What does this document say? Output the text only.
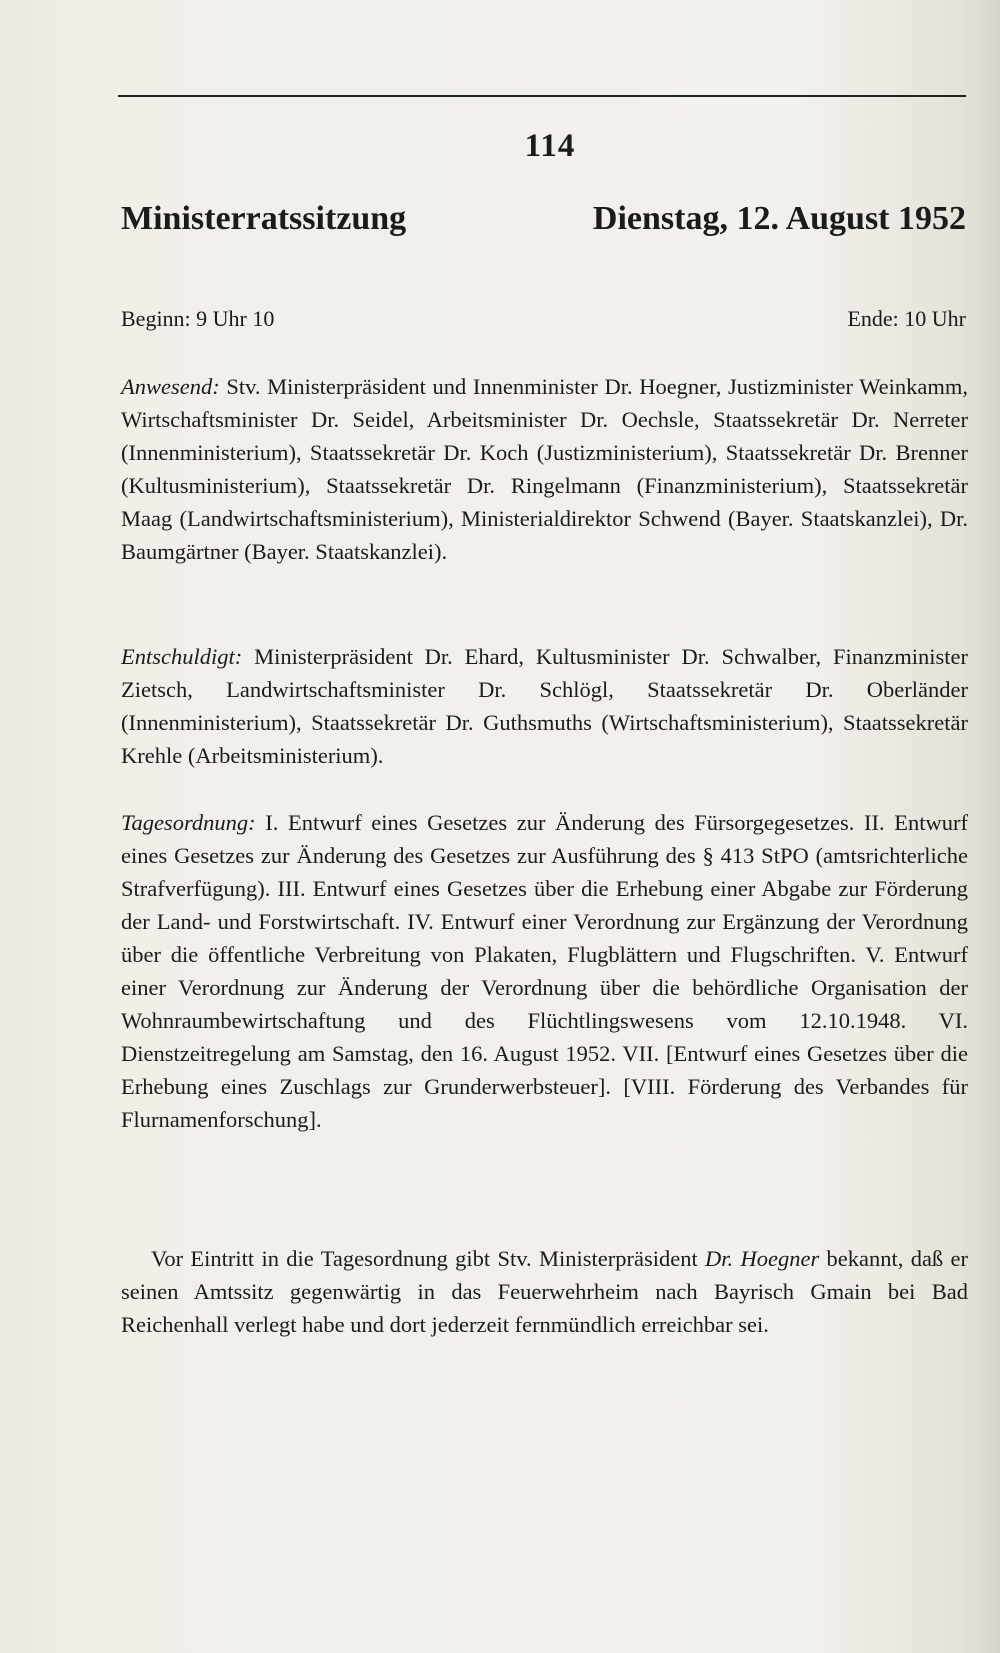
114
Ministerratssitzung	Dienstag, 12. August 1952
Beginn: 9 Uhr 10	Ende: 10 Uhr

Anwesend: Stv. Ministerpräsident und Innenminister Dr. Hoegner, Justizminister Weinkamm, Wirtschaftsminister Dr. Seidel, Arbeitsminister Dr. Oechsle, Staatssekretär Dr. Nerreter (Innenministerium), Staatssekretär Dr. Koch (Justizministerium), Staatssekretär Dr. Brenner (Kultusministerium), Staatssekretär Dr. Ringelmann (Finanzministerium), Staatssekretär Maag (Landwirtschaftsministerium), Ministerialdirektor Schwend (Bayer. Staatskanzlei), Dr. Baumgärtner (Bayer. Staatskanzlei).

Entschuldigt: Ministerpräsident Dr. Ehard, Kultusminister Dr. Schwalber, Finanzminister Zietsch, Landwirtschaftsminister Dr. Schlögl, Staatssekretär Dr. Oberländer (Innenministerium), Staatssekretär Dr. Guthsmuths (Wirtschaftsministerium), Staatssekretär Krehle (Arbeitsministerium).

Tagesordnung: I. Entwurf eines Gesetzes zur Änderung des Fürsorgegesetzes. II. Entwurf eines Gesetzes zur Änderung des Gesetzes zur Ausführung des § 413 StPO (amtsrichterliche Strafverfügung). III. Entwurf eines Gesetzes über die Erhebung einer Abgabe zur Förderung der Land- und Forstwirtschaft. IV. Entwurf einer Verordnung zur Ergänzung der Verordnung über die öffentliche Verbreitung von Plakaten, Flugblättern und Flugschriften. V. Entwurf einer Verordnung zur Änderung der Verordnung über die behördliche Organisation der Wohnraumbewirtschaftung und des Flüchtlingswesens vom 12.10.1948. VI. Dienstzeitregelung am Samstag, den 16. August 1952. VII. [Entwurf eines Gesetzes über die Erhebung eines Zuschlags zur Grunderwerbsteuer]. [VIII. Förderung des Verbandes für Flurnamenforschung].

Vor Eintritt in die Tagesordnung gibt Stv. Ministerpräsident Dr. Hoegner bekannt, daß er seinen Amtssitz gegenwärtig in das Feuerwehrheim nach Bayrisch Gmain bei Bad Reichenhall verlegt habe und dort jederzeit fernmündlich erreichbar sei.
